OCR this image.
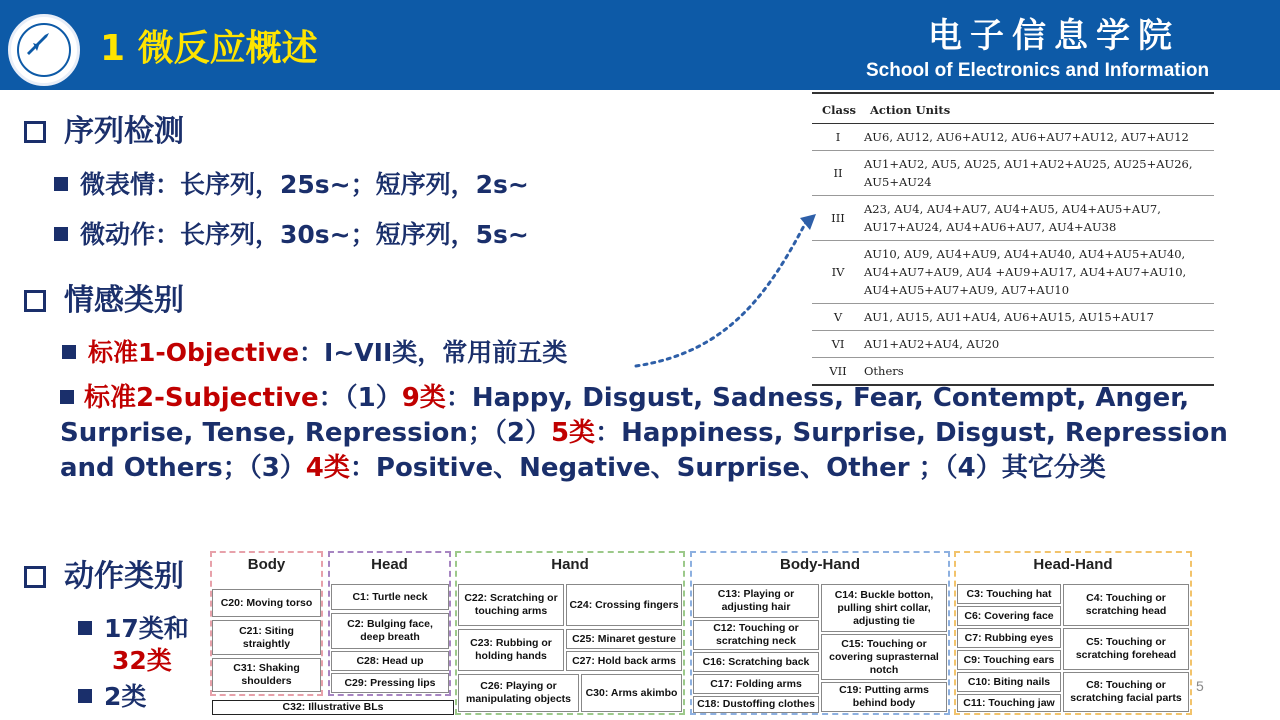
1 微反应概述	电子信息学院
School of Electronics and Information
序列检测
微表情：长序列，25s~；短序列，2s~
微动作：长序列，30s~；短序列，5s~
情感类别
标准1-Objective：I~VII类，常用前五类
标准2-Subjective：（1）9类：Happy, Disgust, Sadness, Fear, Contempt, Anger, Surprise, Tense, Repression；（2）5类：Happiness, Surprise, Disgust, Repression and Others；（3）4类：Positive、Negative、Surprise、Other ；（4）其它分类
动作类别
17类和
32类
2类
Class	Action Units
I	AU6, AU12, AU6+AU12, AU6+AU7+AU12, AU7+AU12
II	AU1+AU2, AU5, AU25, AU1+AU2+AU25, AU25+AU26, AU5+AU24
III	A23, AU4, AU4+AU7, AU4+AU5, AU4+AU5+AU7, AU17+AU24, AU4+AU6+AU7, AU4+AU38
IV	AU10, AU9, AU4+AU9, AU4+AU40, AU4+AU5+AU40, AU4+AU7+AU9, AU4 +AU9+AU17, AU4+AU7+AU10, AU4+AU5+AU7+AU9, AU7+AU10
V	AU1, AU15, AU1+AU4, AU6+AU15, AU15+AU17
VI	AU1+AU2+AU4, AU20
VII	Others
Body
C20: Moving torso
C21: Siting straightly
C31: Shaking shoulders
C32: Illustrative BLs
Head
C1: Turtle neck
C2: Bulging face, deep breath
C28: Head up
C29: Pressing lips
Hand
C22: Scratching or touching arms
C24: Crossing fingers
C23: Rubbing or holding hands
C25: Minaret gesture
C27: Hold back arms
C26: Playing or manipulating objects
C30: Arms akimbo
Body-Hand
C13: Playing or adjusting hair
C14: Buckle botton, pulling shirt collar, adjusting tie
C12: Touching or scratching neck
C16: Scratching back
C15: Touching or covering suprasternal notch
C17: Folding arms
C19: Putting arms behind body
C18: Dustoffing clothes
Head-Hand
C3: Touching hat	C4: Touching or scratching head
C6: Covering face
C7: Rubbing eyes	C5: Touching or scratching forehead
C9: Touching ears
C10: Biting nails	C8: Touching or scratching facial parts
C11: Touching jaw
5
